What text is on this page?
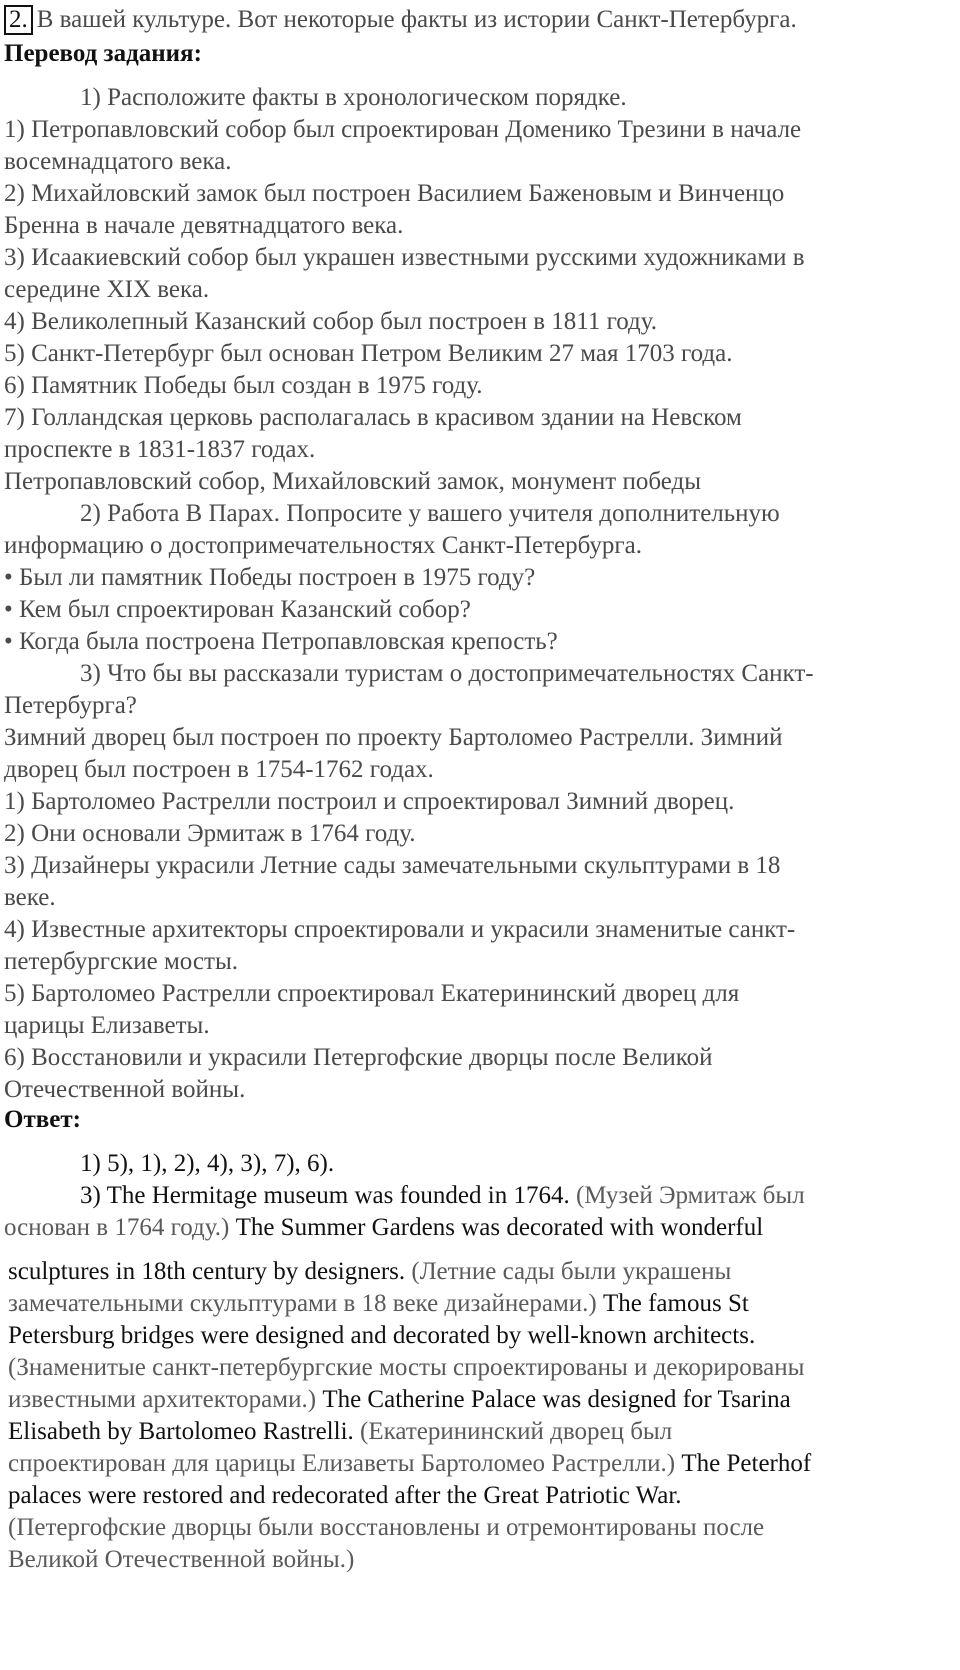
2. В вашей культуре. Вот некоторые факты из истории Санкт-Петербурга.
Перевод задания:
1) Расположите факты в хронологическом порядке.
1) Петропавловский собор был спроектирован Доменико Трезини в начале
восемнадцатого века.
2) Михайловский замок был построен Василием Баженовым и Винченцо
Бренна в начале девятнадцатого века.
3) Исаакиевский собор был украшен известными русскими художниками в
середине XIX века.
4) Великолепный Казанский собор был построен в 1811 году.
5) Санкт-Петербург был основан Петром Великим 27 мая 1703 года.
6) Памятник Победы был создан в 1975 году.
7) Голландская церковь располагалась в красивом здании на Невском
проспекте в 1831-1837 годах.
Петропавловский собор, Михайловский замок, монумент победы
2) Работа В Парах. Попросите у вашего учителя дополнительную
информацию о достопримечательностях Санкт-Петербурга.
• Был ли памятник Победы построен в 1975 году?
• Кем был спроектирован Казанский собор?
• Когда была построена Петропавловская крепость?
3) Что бы вы рассказали туристам о достопримечательностях Санкт-
Петербурга?
Зимний дворец был построен по проекту Бартоломео Растрелли. Зимний
дворец был построен в 1754-1762 годах.
1) Бартоломео Растрелли построил и спроектировал Зимний дворец.
2) Они основали Эрмитаж в 1764 году.
3) Дизайнеры украсили Летние сады замечательными скульптурами в 18
веке.
4) Известные архитекторы спроектировали и украсили знаменитые санкт-
петербургские мосты.
5) Бартоломео Растрелли спроектировал Екатерининский дворец для
царицы Елизаветы.
6) Восстановили и украсили Петергофские дворцы после Великой
Отечественной войны.
Ответ:
1) 5), 1), 2), 4), 3), 7), 6).
3) The Hermitage museum was founded in 1764. (Музей Эрмитаж был
основан в 1764 году.) The Summer Gardens was decorated with wonderful
sculptures in 18th century by designers. (Летние сады были украшены
замечательными скульптурами в 18 веке дизайнерами.) The famous St
Petersburg bridges were designed and decorated by well-known architects.
(Знаменитые санкт-петербургские мосты спроектированы и декорированы
известными архитекторами.) The Catherine Palace was designed for Tsarina
Elisabeth by Bartolomeo Rastrelli. (Екатерининский дворец был
спроектирован для царицы Елизаветы Бартоломео Растрелли.) The Peterhof
palaces were restored and redecorated after the Great Patriotic War.
(Петергофские дворцы были восстановлены и отремонтированы после
Великой Отечественной войны.)
